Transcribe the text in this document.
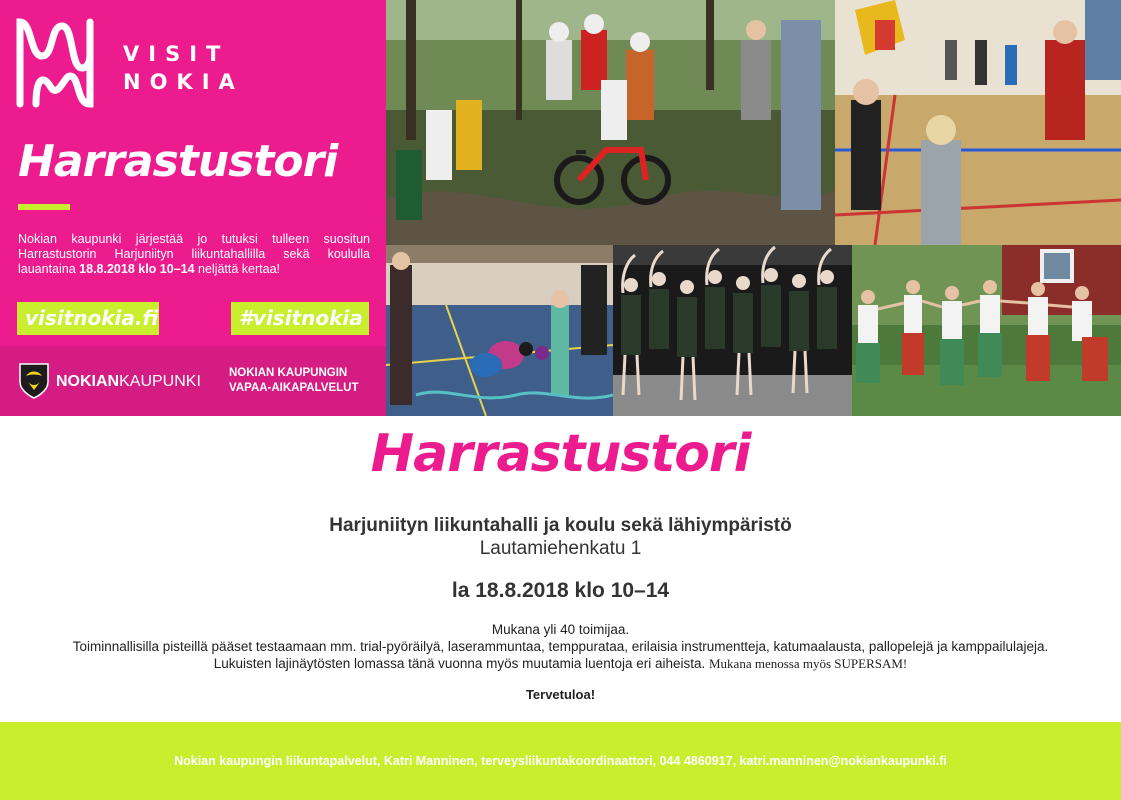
VISIT
NOKIA
Harrastustori

Nokian kaupunki järjestää jo tutuksi tulleen suositun Harrastustorin Harjuniityn liikuntahallilla sekä koululla lauantaina 18.8.2018 klo 10–14 neljättä kertaa!

visitnokia.fi	#visitnokia
NOKIANKAUPUNKI NOKIAN KAUPUNGIN
VAPAA-AIKAPALVELUT
Harrastustori
Harjuniityn liikuntahalli ja koulu sekä lähiympäristö
Lautamiehenkatu 1
la 18.8.2018 klo 10–14
Mukana yli 40 toimijaa.
Toiminnallisilla pisteillä pääset testaamaan mm. trial-pyöräilyä, laserammuntaa, temppurataa, erilaisia instrumentteja, katumaalausta, pallopelejä ja kamppailulajeja.
Lukuisten lajinäytösten lomassa tänä vuonna myös muutamia luentoja eri aiheista. Mukana menossa myös SUPERSAM!
Tervetuloa!
Nokian kaupungin liikuntapalvelut, Katri Manninen, terveysliikuntakoordinaattori, 044 4860917, katri.manninen@nokiankaupunki.fi
